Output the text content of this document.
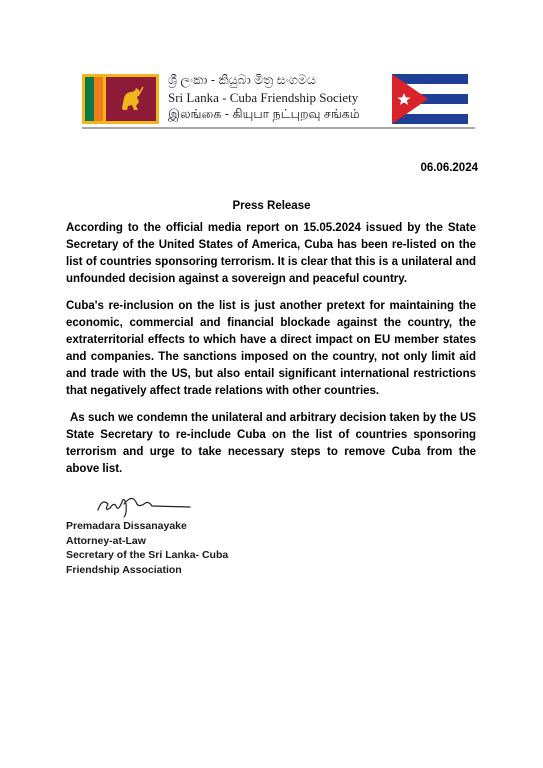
ශ්‍රී ලංකා - කියුබා මිත්‍ර සංගමය
Sri Lanka - Cuba Friendship Society
இலங்கை - கியுபா நட்புறவு சங்கம்
06.06.2024
Press Release

According to the official media report on 15.05.2024 issued by the State Secretary of the United States of America, Cuba has been re-listed on the list of countries sponsoring terrorism. It is clear that this is a unilateral and unfounded decision against a sovereign and peaceful country.

Cuba's re-inclusion on the list is just another pretext for maintaining the economic, commercial and financial blockade against the country, the extraterritorial effects to which have a direct impact on EU member states and companies. The sanctions imposed on the country, not only limit aid and trade with the US, but also entail significant international restrictions that negatively affect trade relations with other countries.

As such we condemn the unilateral and arbitrary decision taken by the US State Secretary to re-include Cuba on the list of countries sponsoring terrorism and urge to take necessary steps to remove Cuba from the above list.

Premadara Dissanayake
Attorney-at-Law
Secretary of the Sri Lanka- Cuba
Friendship Association
